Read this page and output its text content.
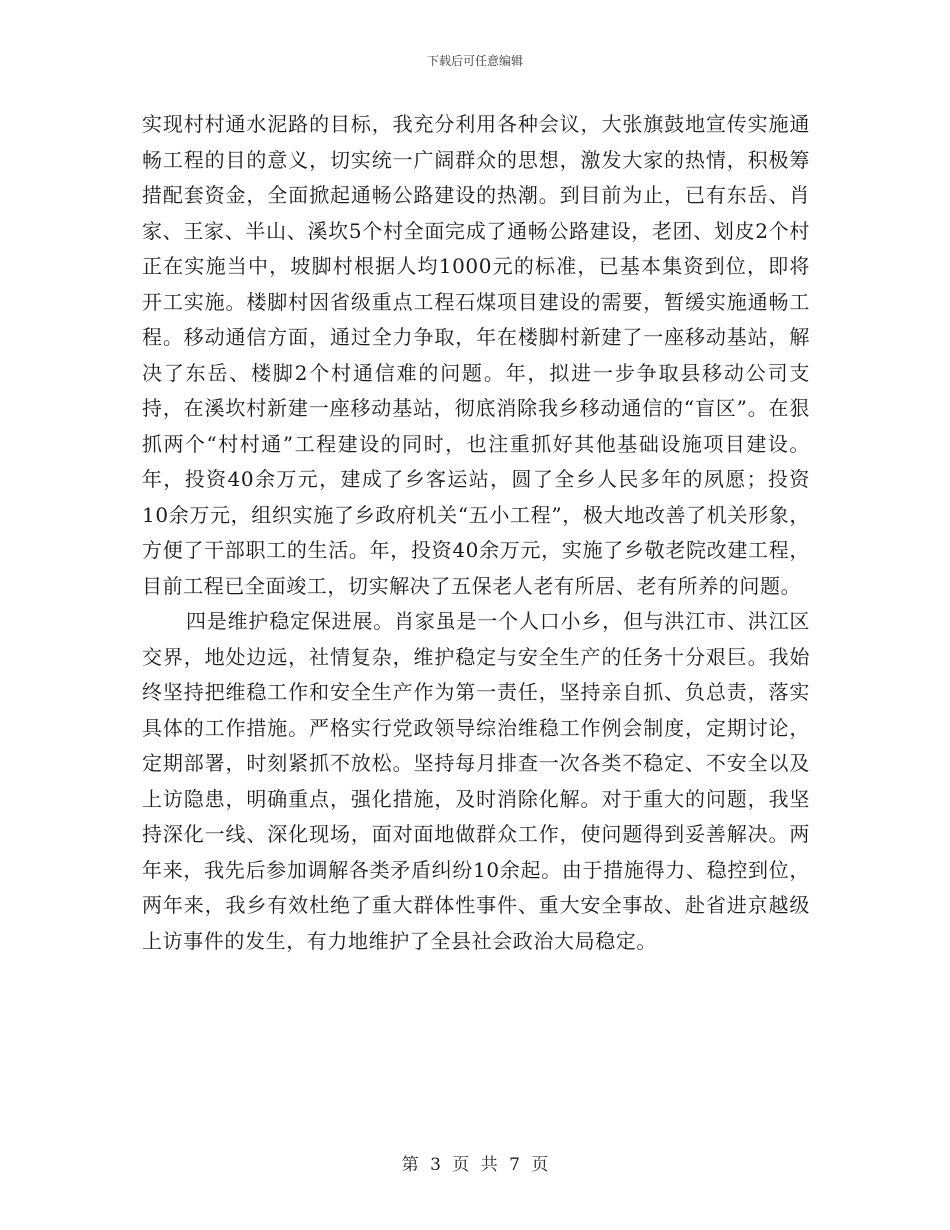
下载后可任意编辑

实现村村通水泥路的目标，我充分利用各种会议，大张旗鼓地宣传实施通畅工程的目的意义，切实统一广阔群众的思想，激发大家的热情，积极筹措配套资金，全面掀起通畅公路建设的热潮。到目前为止，已有东岳、肖家、王家、半山、溪坎5个村全面完成了通畅公路建设，老团、划皮2个村正在实施当中，坡脚村根据人均1000元的标准，已基本集资到位，即将开工实施。楼脚村因省级重点工程石煤项目建设的需要，暂缓实施通畅工程。移动通信方面，通过全力争取，年在楼脚村新建了一座移动基站，解决了东岳、楼脚2个村通信难的问题。年，拟进一步争取县移动公司支持，在溪坎村新建一座移动基站，彻底消除我乡移动通信的“盲区”。在狠抓两个“村村通”工程建设的同时，也注重抓好其他基础设施项目建设。年，投资40余万元，建成了乡客运站，圆了全乡人民多年的夙愿；投资10余万元，组织实施了乡政府机关“五小工程”，极大地改善了机关形象，方便了干部职工的生活。年，投资40余万元，实施了乡敬老院改建工程，目前工程已全面竣工，切实解决了五保老人老有所居、老有所养的问题。

四是维护稳定保进展。肖家虽是一个人口小乡，但与洪江市、洪江区交界，地处边远，社情复杂，维护稳定与安全生产的任务十分艰巨。我始终坚持把维稳工作和安全生产作为第一责任，坚持亲自抓、负总责，落实具体的工作措施。严格实行党政领导综治维稳工作例会制度，定期讨论，定期部署，时刻紧抓不放松。坚持每月排查一次各类不稳定、不安全以及上访隐患，明确重点，强化措施，及时消除化解。对于重大的问题，我坚持深化一线、深化现场，面对面地做群众工作，使问题得到妥善解决。两年来，我先后参加调解各类矛盾纠纷10余起。由于措施得力、稳控到位，两年来，我乡有效杜绝了重大群体性事件、重大安全事故、赴省进京越级上访事件的发生，有力地维护了全县社会政治大局稳定。

第 3 页 共 7 页
